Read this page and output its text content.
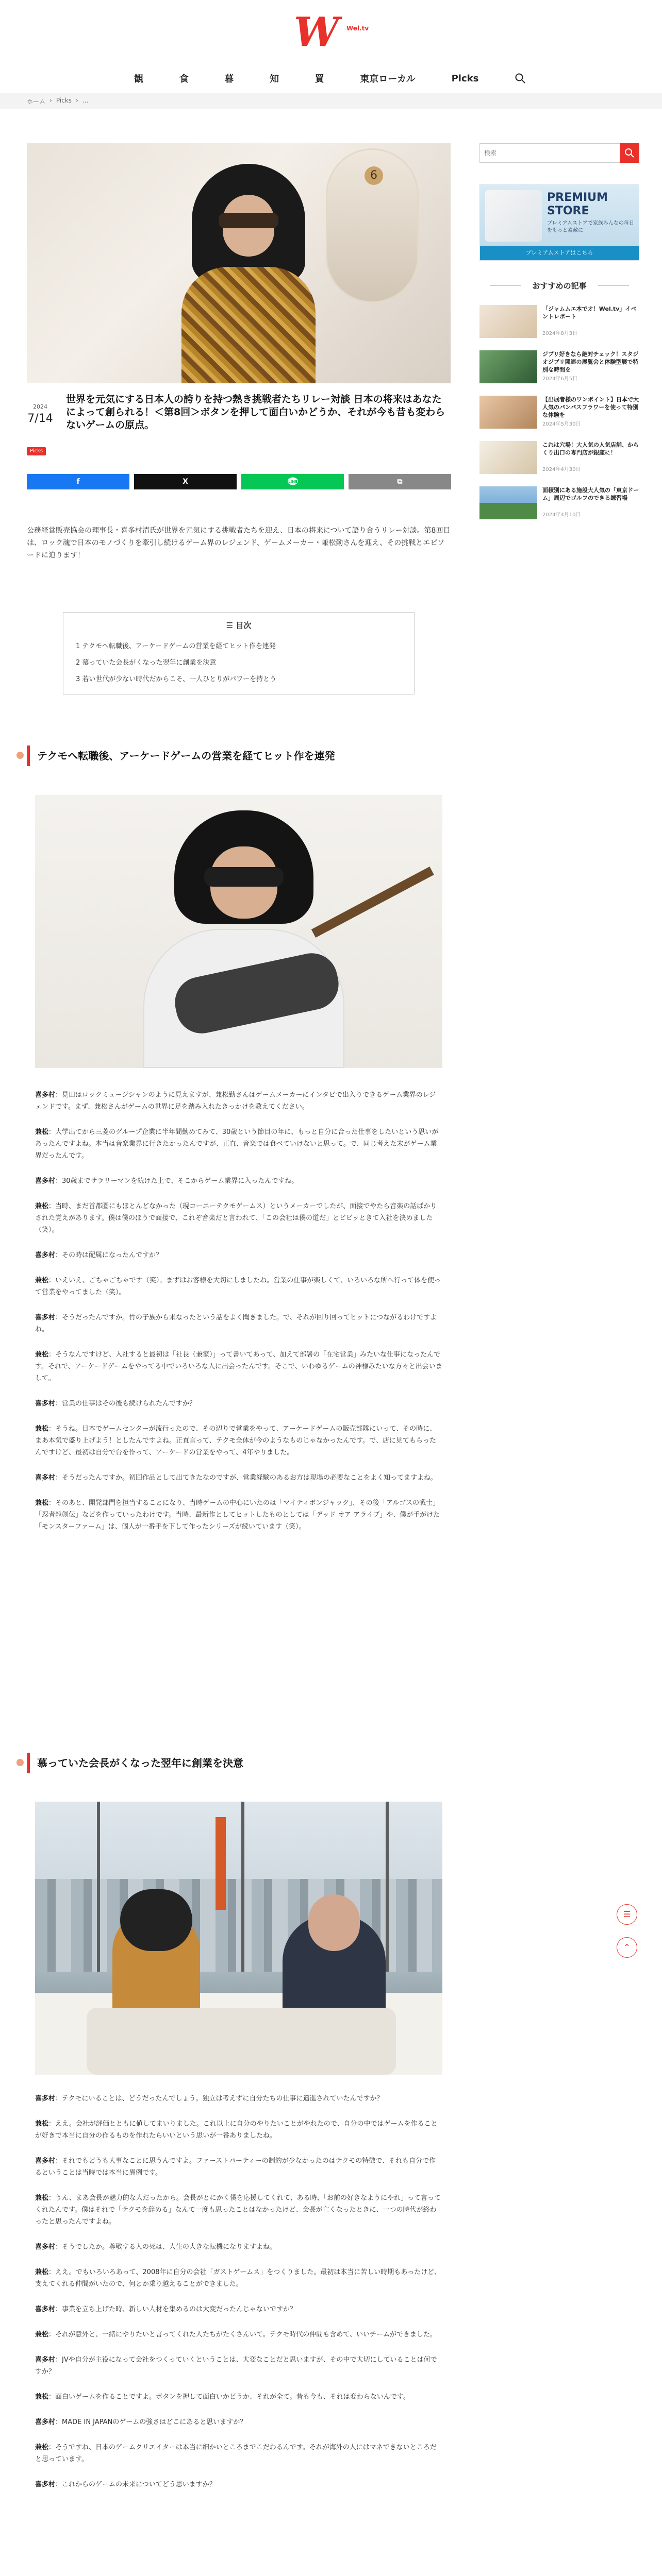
W Wel.tv
観	食	暮	知	買	東京ローカル	Picks
ホーム › Picks › ...
6
2024
7/14
世界を元気にする日本人の誇りを持つ熱き挑戦者たちリレー対談 日本の将来はあなたによって創られる！＜第8回＞ボタンを押して面白いかどうか、それが今も昔も変わらないゲームの原点。
Picks
f	X	LINE	⧉

公務経営販売協会の理事長・喜多村清氏が世界を元気にする挑戦者たちを迎え、日本の将来について語り合うリレー対談。第8回目は、ロック魂で日本のモノづくりを牽引し続けるゲーム界のレジェンド、ゲームメーカー・兼松勤さんを迎え、その挑戦とエピソードに迫ります！

☰ 目次
1 テクモへ転職後、アーケードゲームの営業を経てヒット作を連発
2 慕っていた会長がくなった翌年に創業を決意
3 若い世代が少ない時代だからこそ、一人ひとりがパワーを持とう
テクモへ転職後、アーケードゲームの営業を経てヒット作を連発

喜多村：見田はロックミュージシャンのように見えますが、兼松勤さんはゲームメーカーにインタビで出入りできるゲーム業界のレジェンドです。まず、兼松さんがゲームの世界に足を踏み入れたきっかけを教えてください。

兼松：大学出てから三菱のグループ企業に半年間勤めてみて、30歳という節目の年に、もっと自分に合った仕事をしたいという思いがあったんですよね。本当は音楽業界に行きたかったんですが、正直、音楽では食べていけないと思って。で、同じ考えた末がゲーム業界だったんです。

喜多村：30歳までサラリーマンを続けた上で、そこからゲーム業界に入ったんですね。

兼松：当時、まだ首都圏にもほとんどなかった（現コーエーテクモゲームス）というメーカーでしたが、面接でやたら音楽の話ばかりされた覚えがあります。僕は僕のほうで面接で、これぞ音楽だと言われて、「この会社は僕の道だ」とビビッときて入社を決めました（笑）。

喜多村：その時は配属になったんですか？

兼松：いえいえ、ごちゃごちゃです（笑）。まずはお客様を大切にしましたね。営業の仕事が楽しくて、いろいろな所へ行って体を使って営業をやってました（笑）。

喜多村：そうだったんですか。竹の子族から来なったという話をよく聞きました。で、それが回り回ってヒットにつながるわけですよね。

兼松：そうなんですけど、入社すると最初は「社長（兼家）」って書いてあって、加えて部署の「在宅営業」みたいな仕事になったんです。それで、アーケードゲームをやってる中でいろいろな人に出会ったんです。そこで、いわゆるゲームの神様みたいな方々と出会いまして。

喜多村：営業の仕事はその後も続けられたんですか？

兼松：そうね。日本でゲームセンターが流行ったので、その辺りで営業をやって、アーケードゲームの販売部隊にいって、その時に、まあ本気で盛り上げよう！としたんですよね。正直言って、テクモ全体が今のようなものじゃなかったんです。で、店に見てもらったんですけど、最初は自分で台を作って、アーケードの営業をやって、4年やりました。

喜多村：そうだったんですか。初回作品として出てきたなのですが、営業経験のあるお方は現場の必要なことをよく知ってますよね。

兼松：そのあと、開発部門を担当することになり、当時ゲームの中心にいたのは「マイティボンジャック」、その後「アルゴスの戦士」「忍者龍剣伝」などを作っていったわけです。当時、最新作としてヒットしたものとしては「デッド オア アライブ」や、僕が手がけた「モンスターファーム」は、個人が一番手を下して作ったシリーズが続いています（笑）。

慕っていた会長がくなった翌年に創業を決意

喜多村：テクモにいることは、どうだったんでしょう。独立は考えずに自分たちの仕事に邁進されていたんですか？

兼松：ええ。会社が評価とともに値してまいりました。これ以上に自分のやりたいことがやれたので、自分の中ではゲームを作ることが好きで本当に自分の作るものを作れたらいいという思いが一番ありましたね。

喜多村：それでもどうも大事なことに思うんですよ。ファーストパーティーの制約が少なかったのはテクモの特徴で、それも自分で作るということは当時では本当に異例です。

兼松：うん、まあ会長が魅力的な人だったから。会長がとにかく僕を応援してくれて、ある時、「お前の好きなようにやれ」って言ってくれたんです。僕はそれで「テクモを辞める」なんて一度も思ったことはなかったけど、会長が亡くなったときに、一つの時代が終わったと思ったんですよね。

喜多村：そうでしたか。尊敬する人の死は、人生の大きな転機になりますよね。

兼松：ええ。でもいろいろあって、2008年に自分の会社「ガストゲームス」をつくりました。最初は本当に苦しい時期もあったけど、支えてくれる仲間がいたので、何とか乗り越えることができました。

喜多村：事業を立ち上げた時、新しい人材を集めるのは大変だったんじゃないですか？

兼松：それが意外と、一緒にやりたいと言ってくれた人たちがたくさんいて。テクモ時代の仲間も含めて、いいチームができました。

喜多村：JVや自分が主役になって会社をつくっていくということは、大変なことだと思いますが、その中で大切にしていることは何ですか？

兼松：面白いゲームを作ることですよ。ボタンを押して面白いかどうか、それが全て。昔も今も、それは変わらないんです。

喜多村：MADE IN JAPANのゲームの強さはどこにあると思いますか？

兼松：そうですね、日本のゲームクリエイターは本当に細かいところまでこだわるんです。それが海外の人にはマネできないところだと思っています。

喜多村：これからのゲームの未来についてどう思いますか？

検索
PREMIUM STORE
プレミアムストアで家族みんなの毎日をもっと素敵に
プレミアムストアはこちら
おすすめの記事
「ジャムムエ本でオ！Wel.tv」イベントレポート
2024年8月3日
ジブリ好きなら絶対チェック！スタジオジブリ関連の展覧会と体験型展で特別な時間を
2024年6月5日
【出展者様のワンポイント】日本で大人気のパンパスフラワーを使って特別な体験を
2024年5月30日
これは穴場！大人気の人気店舗、からくり出口の専門店が銀座に！
2024年4月30日
面積別にある施設大人気の「東京ドーム」周辺でゴルフのできる練習場
2024年4月10日
☰
⌃
